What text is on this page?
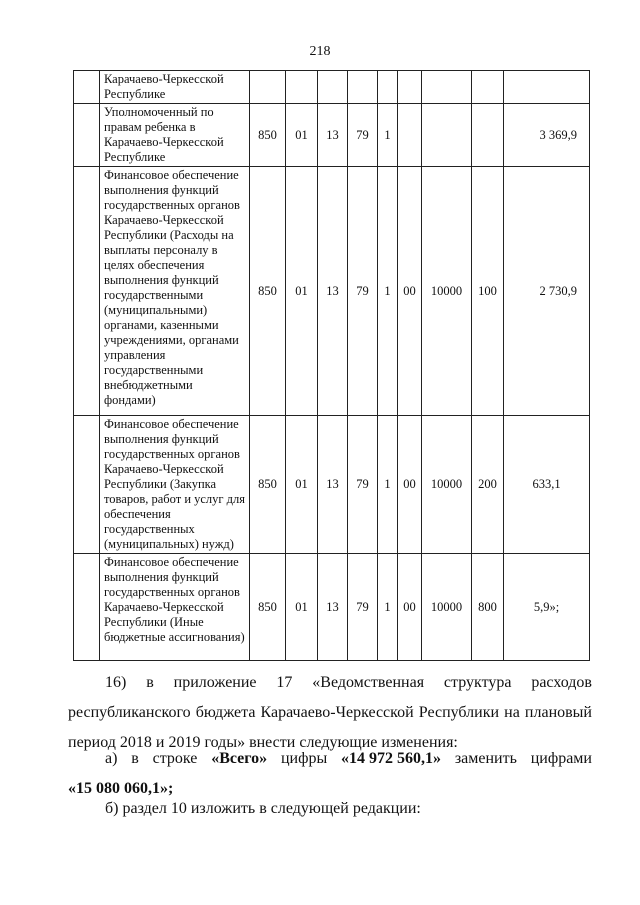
218
	Карачаево-Черкесской Республике									
	Уполномоченный по правам ребенка в Карачаево-Черкесской Республике	850	01	13	79	1				3 369,9
	Финансовое обеспечение выполнения функций государственных органов Карачаево-Черкесской Республики (Расходы на выплаты персоналу в целях обеспечения выполнения функций государственными (муниципальными) органами, казенными учреждениями, органами управления государственными внебюджетными фондами)	850	01	13	79	1	00	10000	100	2 730,9
	Финансовое обеспечение выполнения функций государственных органов Карачаево-Черкесской Республики (Закупка товаров, работ и услуг для обеспечения государственных (муниципальных) нужд)	850	01	13	79	1	00	10000	200	633,1
	Финансовое обеспечение выполнения функций государственных органов Карачаево-Черкесской Республики (Иные бюджетные ассигнования)	850	01	13	79	1	00	10000	800	5,9»;
16) в приложение 17 «Ведомственная структура расходов
республиканского бюджета Карачаево-Черкесской Республики на плановый период 2018 и 2019 годы» внести следующие изменения:
а) в строке «Всего» цифры «14 972 560,1» заменить цифрами
«15 080 060,1»;
б) раздел 10 изложить в следующей редакции:
